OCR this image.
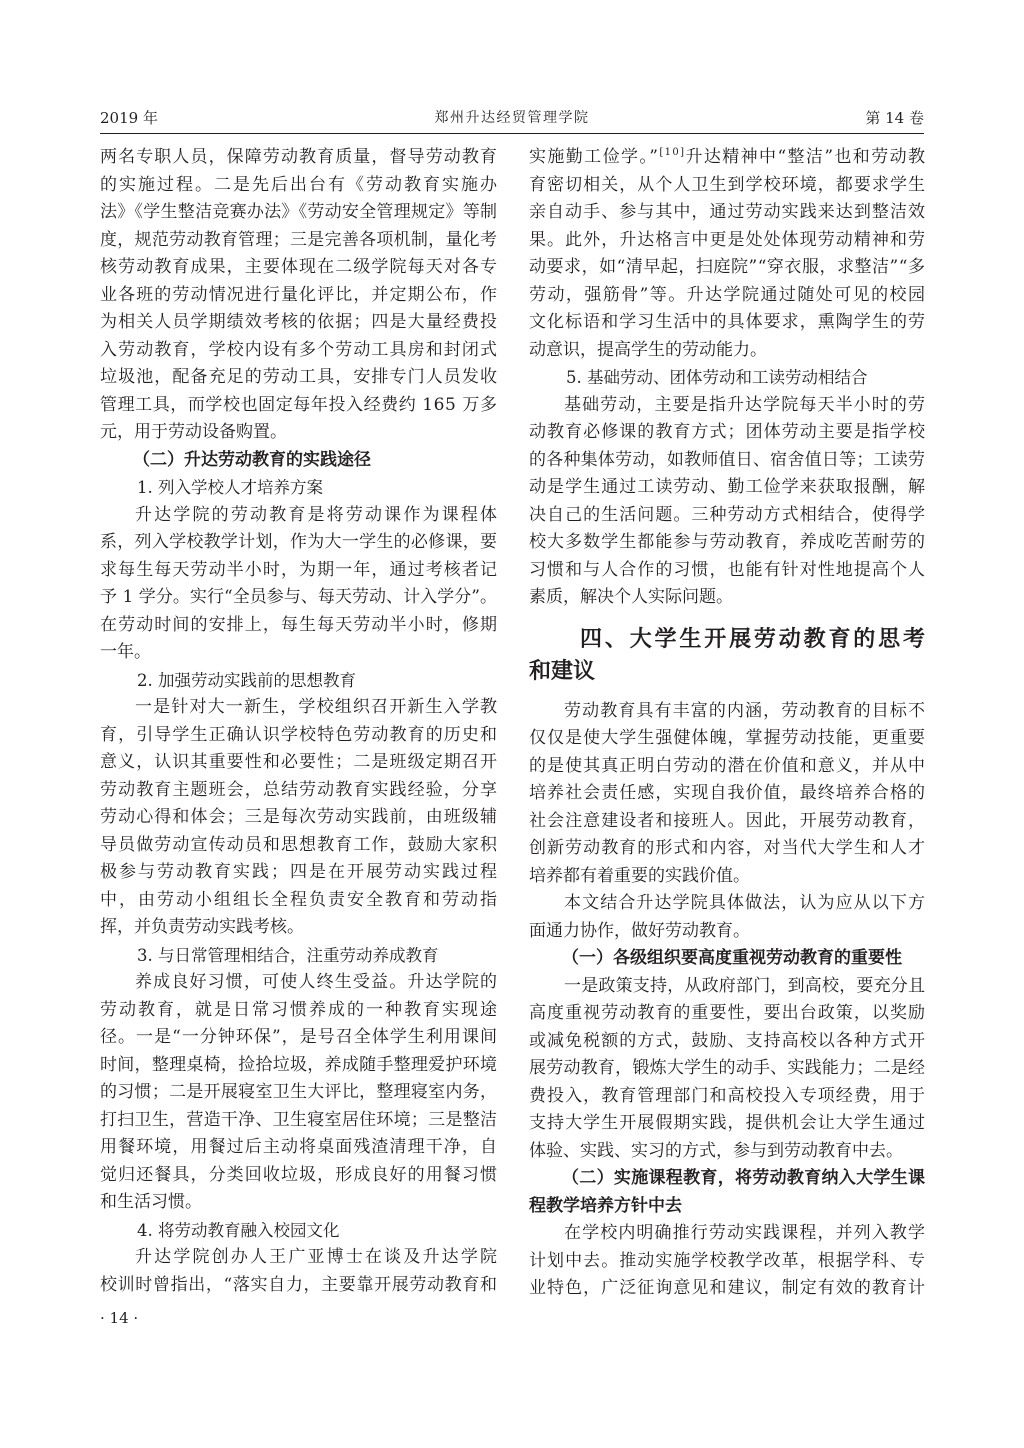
2019 年	郑州升达经贸管理学院	第 14 卷
两名专职人员，保障劳动教育质量，督导劳动教育
的实施过程。二是先后出台有《劳动教育实施办
法》《学生整洁竞赛办法》《劳动安全管理规定》等制
度，规范劳动教育管理；三是完善各项机制，量化考
核劳动教育成果，主要体现在二级学院每天对各专
业各班的劳动情况进行量化评比，并定期公布，作
为相关人员学期绩效考核的依据；四是大量经费投
入劳动教育，学校内设有多个劳动工具房和封闭式
垃圾池，配备充足的劳动工具，安排专门人员发收
管理工具，而学校也固定每年投入经费约 165 万多
元，用于劳动设备购置。
（二）升达劳动教育的实践途径
1. 列入学校人才培养方案
升达学院的劳动教育是将劳动课作为课程体
系，列入学校教学计划，作为大一学生的必修课，要
求每生每天劳动半小时，为期一年，通过考核者记
予 1 学分。实行“全员参与、每天劳动、计入学分”。
在劳动时间的安排上，每生每天劳动半小时，修期
一年。
2. 加强劳动实践前的思想教育
一是针对大一新生，学校组织召开新生入学教
育，引导学生正确认识学校特色劳动教育的历史和
意义，认识其重要性和必要性；二是班级定期召开
劳动教育主题班会，总结劳动教育实践经验，分享
劳动心得和体会；三是每次劳动实践前，由班级辅
导员做劳动宣传动员和思想教育工作，鼓励大家积
极参与劳动教育实践；四是在开展劳动实践过程
中，由劳动小组组长全程负责安全教育和劳动指
挥，并负责劳动实践考核。
3. 与日常管理相结合，注重劳动养成教育
养成良好习惯，可使人终生受益。升达学院的
劳动教育，就是日常习惯养成的一种教育实现途
径。一是“一分钟环保”，是号召全体学生利用课间
时间，整理桌椅，捡拾垃圾，养成随手整理爱护环境
的习惯；二是开展寝室卫生大评比，整理寝室内务，
打扫卫生，营造干净、卫生寝室居住环境；三是整洁
用餐环境，用餐过后主动将桌面残渣清理干净，自
觉归还餐具，分类回收垃圾，形成良好的用餐习惯
和生活习惯。
4. 将劳动教育融入校园文化
升达学院创办人王广亚博士在谈及升达学院
校训时曾指出，“落实自力，主要靠开展劳动教育和
实施勤工俭学。”[10]升达精神中“整洁”也和劳动教
育密切相关，从个人卫生到学校环境，都要求学生
亲自动手、参与其中，通过劳动实践来达到整洁效
果。此外，升达格言中更是处处体现劳动精神和劳
动要求，如“清早起，扫庭院”“穿衣服，求整洁”“多
劳动，强筋骨”等。升达学院通过随处可见的校园
文化标语和学习生活中的具体要求，熏陶学生的劳
动意识，提高学生的劳动能力。
5. 基础劳动、团体劳动和工读劳动相结合
基础劳动，主要是指升达学院每天半小时的劳
动教育必修课的教育方式；团体劳动主要是指学校
的各种集体劳动，如教师值日、宿舍值日等；工读劳
动是学生通过工读劳动、勤工俭学来获取报酬，解
决自己的生活问题。三种劳动方式相结合，使得学
校大多数学生都能参与劳动教育，养成吃苦耐劳的
习惯和与人合作的习惯，也能有针对性地提高个人
素质，解决个人实际问题。
四、大学生开展劳动教育的思考
和建议
劳动教育具有丰富的内涵，劳动教育的目标不
仅仅是使大学生强健体魄，掌握劳动技能，更重要
的是使其真正明白劳动的潜在价值和意义，并从中
培养社会责任感，实现自我价值，最终培养合格的
社会注意建设者和接班人。因此，开展劳动教育，
创新劳动教育的形式和内容，对当代大学生和人才
培养都有着重要的实践价值。
本文结合升达学院具体做法，认为应从以下方
面通力协作，做好劳动教育。
（一）各级组织要高度重视劳动教育的重要性
一是政策支持，从政府部门，到高校，要充分且
高度重视劳动教育的重要性，要出台政策，以奖励
或减免税额的方式，鼓励、支持高校以各种方式开
展劳动教育，锻炼大学生的动手、实践能力；二是经
费投入，教育管理部门和高校投入专项经费，用于
支持大学生开展假期实践，提供机会让大学生通过
体验、实践、实习的方式，参与到劳动教育中去。
（二）实施课程教育，将劳动教育纳入大学生课
程教学培养方针中去
在学校内明确推行劳动实践课程，并列入教学
计划中去。推动实施学校教学改革，根据学科、专
业特色，广泛征询意见和建议，制定有效的教育计
· 14 ·
